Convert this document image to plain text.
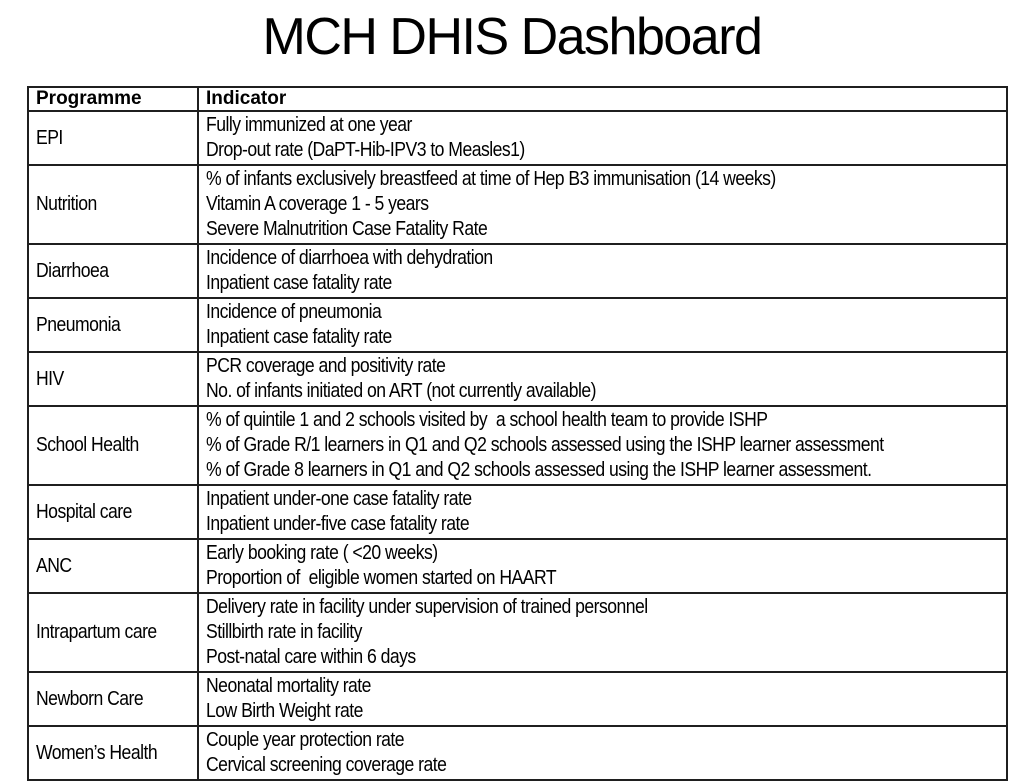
MCH DHIS Dashboard
Programme	Indicator

EPI	Fully immunized at one year
Drop-out rate (DaPT-Hib-IPV3 to Measles1)

Nutrition	% of infants exclusively breastfeed at time of Hep B3 immunisation (14 weeks)
Vitamin A coverage 1 - 5 years
Severe Malnutrition Case Fatality Rate

Diarrhoea	Incidence of diarrhoea with dehydration
Inpatient case fatality rate

Pneumonia	Incidence of pneumonia
Inpatient case fatality rate

HIV	PCR coverage and positivity rate
No. of infants initiated on ART (not currently available)

School Health	% of quintile 1 and 2 schools visited by  a school health team to provide ISHP
% of Grade R/1 learners in Q1 and Q2 schools assessed using the ISHP learner assessment
% of Grade 8 learners in Q1 and Q2 schools assessed using the ISHP learner assessment.

Hospital care	Inpatient under-one case fatality rate
Inpatient under-five case fatality rate

ANC	Early booking rate ( <20 weeks)
Proportion of  eligible women started on HAART

Intrapartum care	Delivery rate in facility under supervision of trained personnel
Stillbirth rate in facility
Post-natal care within 6 days

Newborn Care	Neonatal mortality rate
Low Birth Weight rate

Women’s Health	Couple year protection rate
Cervical screening coverage rate
